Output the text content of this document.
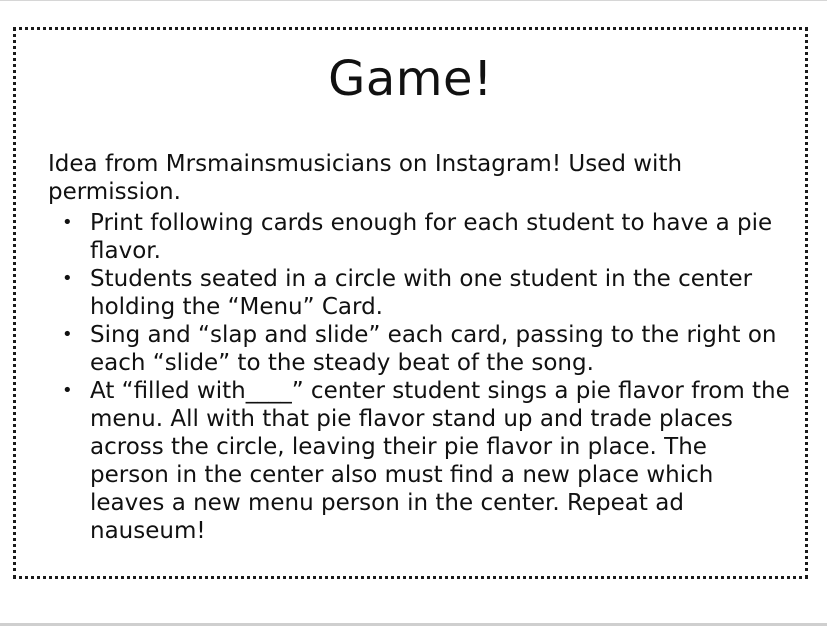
Game!

Idea from Mrsmainsmusicians on Instagram! Used with permission.

• Print following cards enough for each student to have a pie flavor.
• Students seated in a circle with one student in the center holding the “Menu” Card.
• Sing and “slap and slide” each card, passing to the right on each “slide” to the steady beat of the song.
• At “filled with____” center student sings a pie flavor from the menu. All with that pie flavor stand up and trade places across the circle, leaving their pie flavor in place. The person in the center also must find a new place which leaves a new menu person in the center. Repeat ad nauseum!
